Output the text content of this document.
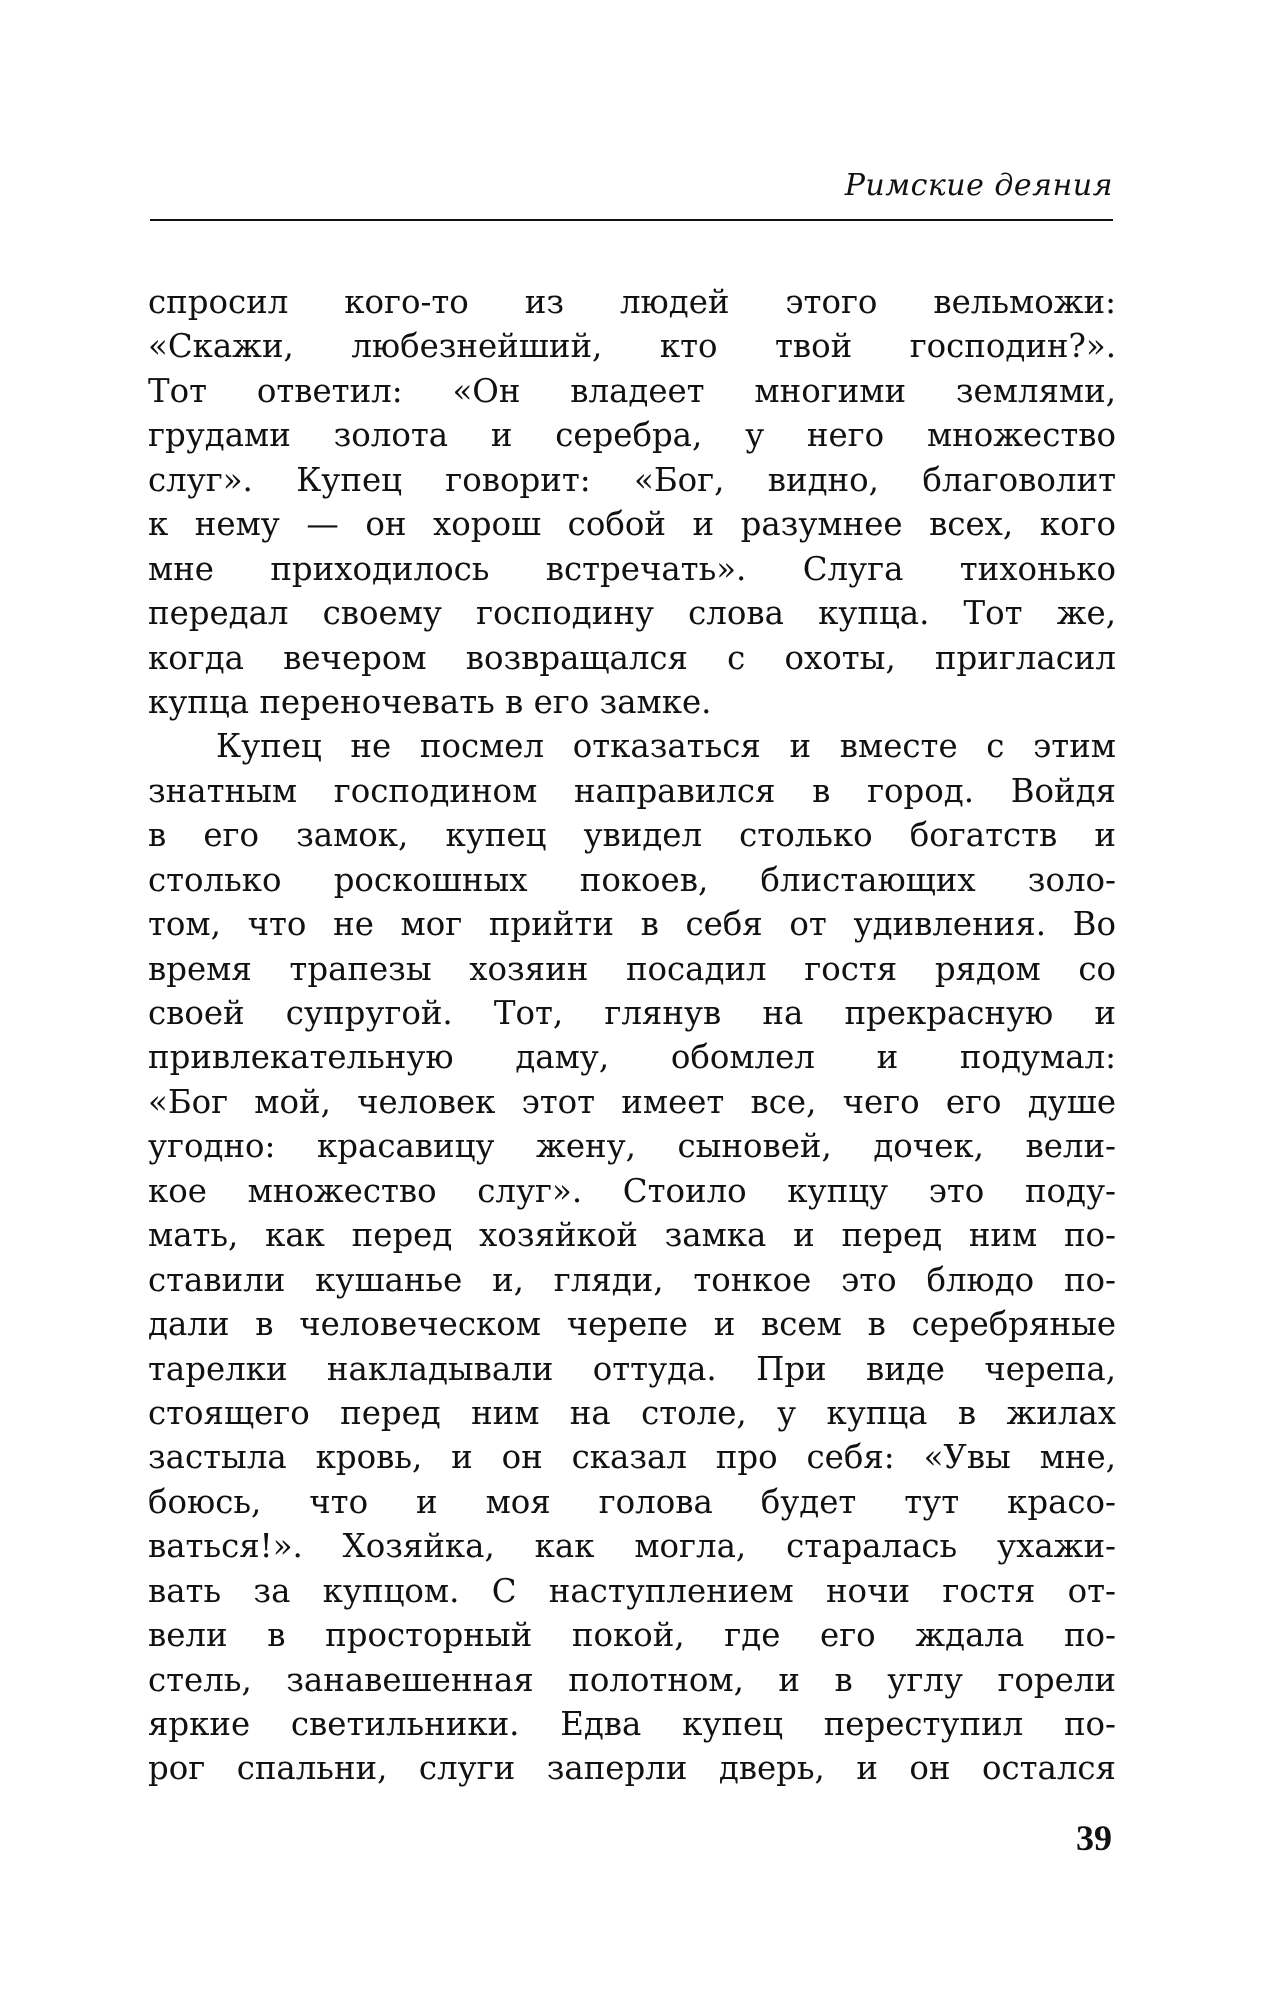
Римские деяния
спросил кого-то из людей этого вельможи:
«Скажи, любезнейший, кто твой господин?».
Тот ответил: «Он владеет многими землями,
грудами золота и серебра, у него множество
слуг». Купец говорит: «Бог, видно, благоволит
к нему — он хорош собой и разумнее всех, кого
мне приходилось встречать». Слуга тихонько
передал своему господину слова купца. Тот же,
когда вечером возвращался с охоты, пригласил
купца переночевать в его замке.
Купец не посмел отказаться и вместе с этим
знатным господином направился в город. Войдя
в его замок, купец увидел столько богатств и
столько роскошных покоев, блистающих золо-
том, что не мог прийти в себя от удивления. Во
время трапезы хозяин посадил гостя рядом со
своей супругой. Тот, глянув на прекрасную и
привлекательную даму, обомлел и подумал:
«Бог мой, человек этот имеет все, чего его душе
угодно: красавицу жену, сыновей, дочек, вели-
кое множество слуг». Стоило купцу это поду-
мать, как перед хозяйкой замка и перед ним по-
ставили кушанье и, гляди, тонкое это блюдо по-
дали в человеческом черепе и всем в серебряные
тарелки накладывали оттуда. При виде черепа,
стоящего перед ним на столе, у купца в жилах
застыла кровь, и он сказал про себя: «Увы мне,
боюсь, что и моя голова будет тут красо-
ваться!». Хозяйка, как могла, старалась ухажи-
вать за купцом. С наступлением ночи гостя от-
вели в просторный покой, где его ждала по-
стель, занавешенная полотном, и в углу горели
яркие светильники. Едва купец переступил по-
рог спальни, слуги заперли дверь, и он остался
39
